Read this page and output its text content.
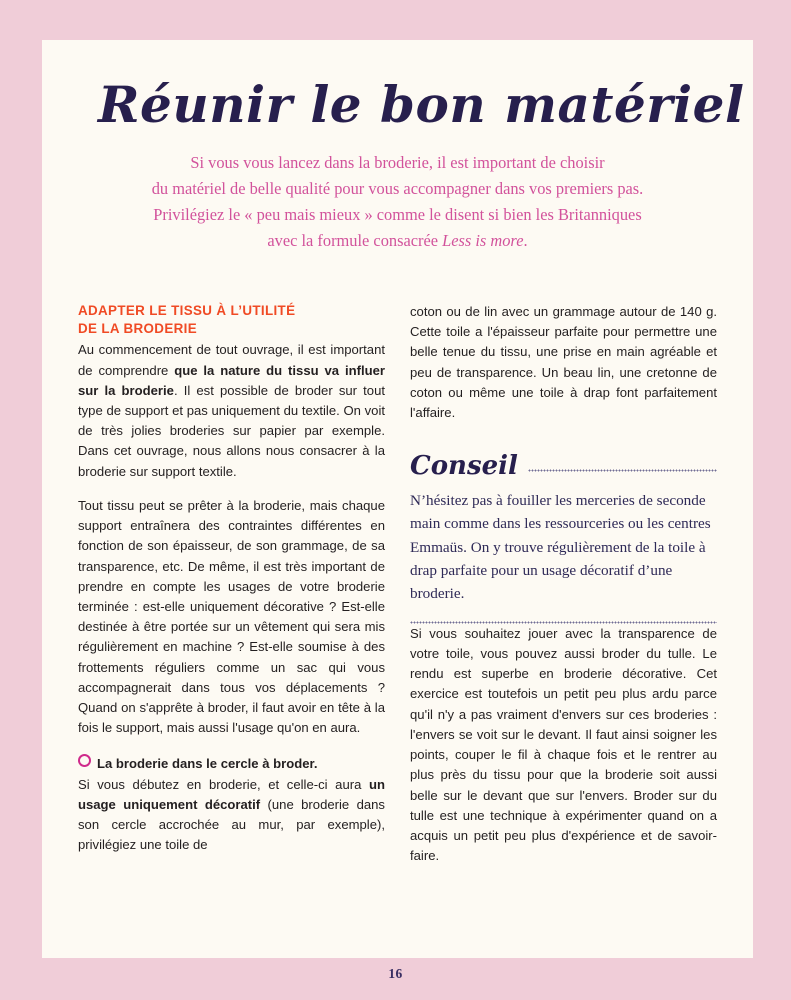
Réunir le bon matériel

Si vous vous lancez dans la broderie, il est important de choisir
du matériel de belle qualité pour vous accompagner dans vos premiers pas.
Privilégiez le « peu mais mieux » comme le disent si bien les Britanniques
avec la formule consacrée Less is more.

ADAPTER LE TISSU À L’UTILITÉ
DE LA BRODERIE

Au commencement de tout ouvrage, il est important de comprendre que la nature du tissu va influer sur la broderie. Il est possible de broder sur tout type de support et pas uniquement du textile. On voit de très jolies broderies sur papier par exemple. Dans cet ouvrage, nous allons nous consacrer à la broderie sur support textile.

Tout tissu peut se prêter à la broderie, mais chaque support entraînera des contraintes différentes en fonction de son épaisseur, de son grammage, de sa transparence, etc. De même, il est très important de prendre en compte les usages de votre broderie terminée : est-elle uniquement décorative ? Est-elle destinée à être portée sur un vêtement qui sera mis régulièrement en machine ? Est-elle soumise à des frottements réguliers comme un sac qui vous accompagnerait dans tous vos déplacements ? Quand on s'apprête à broder, il faut avoir en tête à la fois le support, mais aussi l'usage qu'on en aura.

La broderie dans le cercle à broder.

Si vous débutez en broderie, et celle-ci aura un usage uniquement décoratif (une broderie dans son cercle accrochée au mur, par exemple), privilégiez une toile de

coton ou de lin avec un grammage autour de 140 g. Cette toile a l'épaisseur parfaite pour permettre une belle tenue du tissu, une prise en main agréable et peu de transparence. Un beau lin, une cretonne de coton ou même une toile à drap font parfaitement l'affaire.

Conseil

N’hésitez pas à fouiller les merceries de seconde main comme dans les ressourceries ou les centres Emmaüs. On y trouve régulièrement de la toile à drap parfaite pour un usage décoratif d’une broderie.

Si vous souhaitez jouer avec la transparence de votre toile, vous pouvez aussi broder du tulle. Le rendu est superbe en broderie décorative. Cet exercice est toutefois un petit peu plus ardu parce qu'il n'y a pas vraiment d'envers sur ces broderies : l'envers se voit sur le devant. Il faut ainsi soigner les points, couper le fil à chaque fois et le rentrer au plus près du tissu pour que la broderie soit aussi belle sur le devant que sur l'envers. Broder sur du tulle est une technique à expérimenter quand on a acquis un petit peu plus d'expérience et de savoir-faire.

16
